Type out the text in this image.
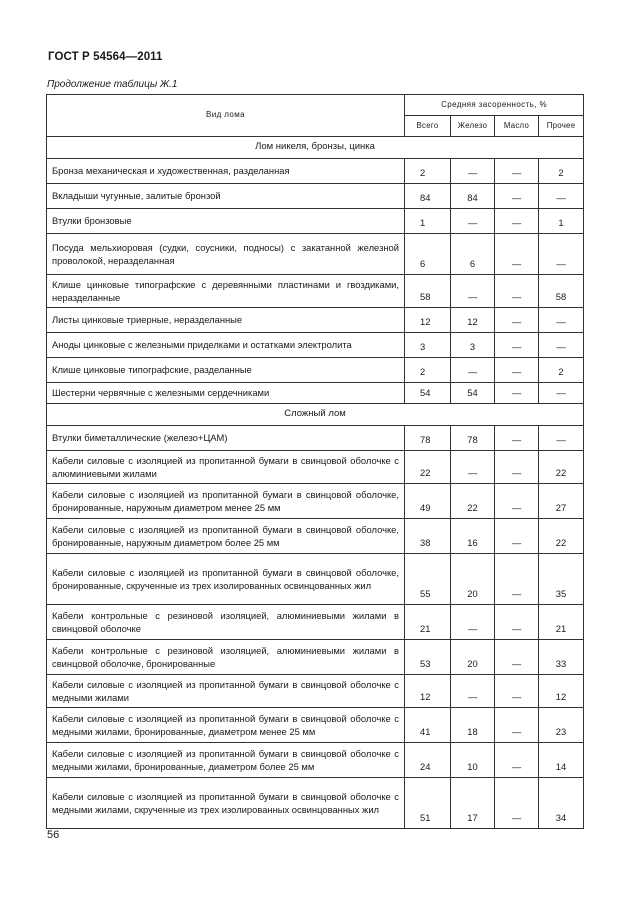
ГОСТ Р 54564—2011
Продолжение таблицы Ж.1
Вид лома	Средняя засоренность, %			
	Всего	Железо	Масло	Прочее
Лом никеля, бронзы, цинка				
Бронза механическая и художественная, разделанная	2	—	—	2
Вкладыши чугунные, залитые бронзой	84	84	—	—
Втулки бронзовые	1	—	—	1
Посуда мельхиоровая (судки, соусники, подносы) с закатанной железной проволокой, неразделанная	6	6	—	—
Клише цинковые типографские с деревянными пластинами и гвоздиками, неразделанные	58	—	—	58
Листы цинковые триерные, неразделанные	12	12	—	—
Аноды цинковые с железными приделками и остатками электролита	3	3	—	—
Клише цинковые типографские, разделанные	2	—	—	2
Шестерни червячные с железными сердечниками	54	54	—	—
Сложный лом				
Втулки биметаллические (железо+ЦАМ)	78	78	—	—
Кабели силовые с изоляцией из пропитанной бумаги в свинцовой оболочке с алюминиевыми жилами	22	—	—	22
Кабели силовые с изоляцией из пропитанной бумаги в свинцовой оболочке, бронированные, наружным диаметром менее 25 мм	49	22	—	27
Кабели силовые с изоляцией из пропитанной бумаги в свинцовой оболочке, бронированные, наружным диаметром более 25 мм	38	16	—	22
Кабели силовые с изоляцией из пропитанной бумаги в свинцовой оболочке, бронированные, скрученные из трех изолированных освинцованных жил	55	20	—	35
Кабели контрольные с резиновой изоляцией, алюминиевыми жилами в свинцовой оболочке	21	—	—	21
Кабели контрольные с резиновой изоляцией, алюминиевыми жилами в свинцовой оболочке, бронированные	53	20	—	33
Кабели силовые с изоляцией из пропитанной бумаги в свинцовой оболочке с медными жилами	12	—	—	12
Кабели силовые с изоляцией из пропитанной бумаги в свинцовой оболочке с медными жилами, бронированные, диаметром менее 25 мм	41	18	—	23
Кабели силовые с изоляцией из пропитанной бумаги в свинцовой оболочке с медными жилами, бронированные, диаметром более 25 мм	24	10	—	14
Кабели силовые с изоляцией из пропитанной бумаги в свинцовой оболочке с медными жилами, скрученные из трех изолированных освинцованных жил	51	17	—	34
56
